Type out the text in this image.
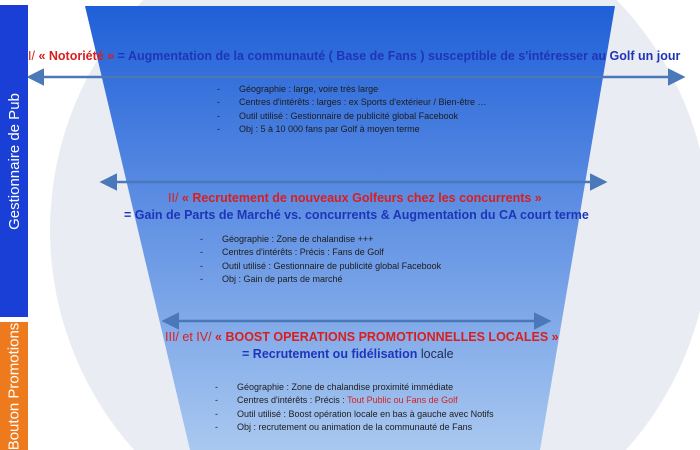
Gestionnaire de Pub
Bouton Promotions
I/ « Notoriété » = Augmentation de la communauté ( Base de Fans ) susceptible de s'intéresser au Golf un jour
- Géographie : large, voire très large
- Centres d'intérêts : larges : ex Sports d'extérieur / Bien-être …
- Outil utilisé : Gestionnaire de publicité global Facebook
- Obj : 5 à 10 000 fans par Golf à moyen terme
II/ « Recrutement de nouveaux Golfeurs chez les concurrents »
= Gain de Parts de Marché vs. concurrents & Augmentation du CA court terme
- Géographie : Zone de chalandise +++
- Centres d'intérêts : Précis : Fans de Golf
- Outil utilisé : Gestionnaire de publicité global Facebook
- Obj : Gain de parts de marché
III/ et IV/ « BOOST OPERATIONS PROMOTIONNELLES LOCALES »
= Recrutement ou fidélisation locale
- Géographie : Zone de chalandise proximité immédiate
- Centres d'intérêts : Précis : Tout Public ou Fans de Golf
- Outil utilisé : Boost opération locale en bas à gauche avec Notifs
- Obj : recrutement ou animation de la communauté de Fans
